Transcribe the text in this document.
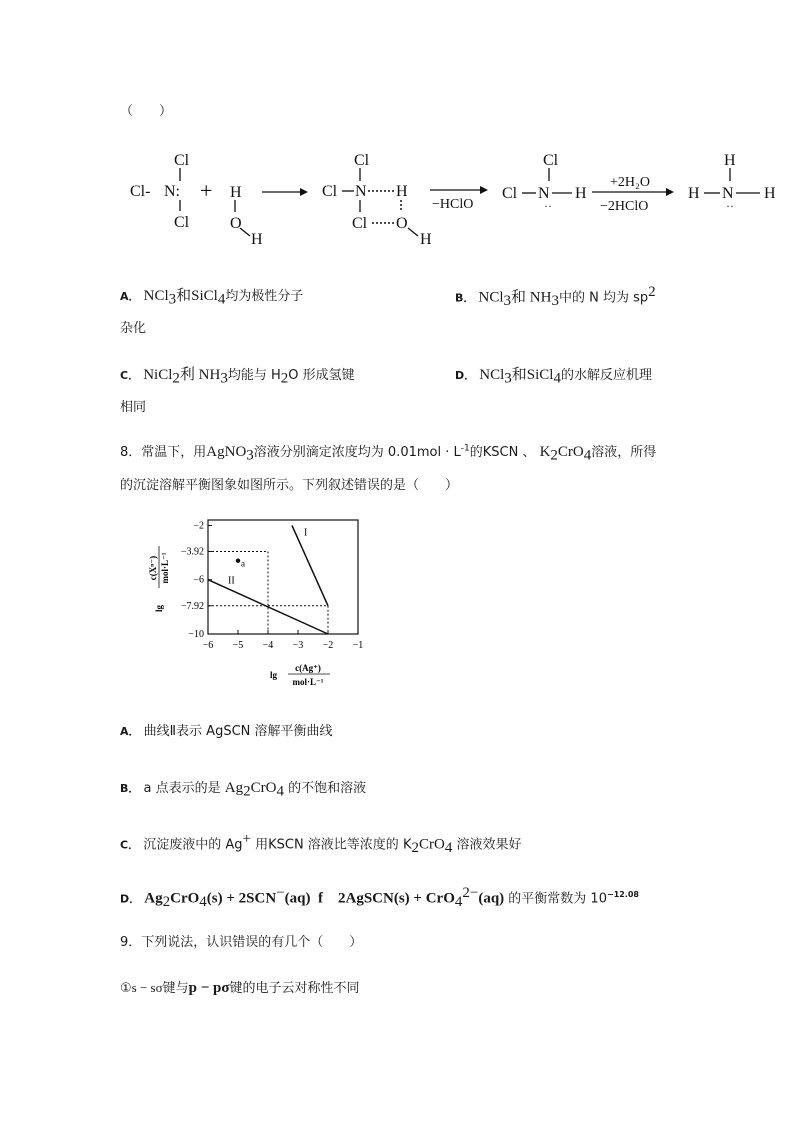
（　　）
Cl
Cl- N:
Cl
+ H
O
H
Cl
Cl N H
Cl O
H
−HClO
Cl
Cl N
··
H
+2H₂O
−2HClO
H
H N
··
H
A． NCl$_3$和SiCl$_4$均为极性分子	B． NCl$_3$和 $NH_3$中的 N 均为 $sp^2$
杂化
C． NiCl$_2$利 $NH_3$均能与 $H_2O$ 形成氢键	D． NCl$_3$和SiCl$_4$的水解反应机理
相同
8．常温下，用AgNO$_3$溶液分别滴定浓度均为 $0.01mol \cdot L^{-1}$的KSCN 、 $K_2CrO_4$溶液，所得
的沉淀溶解平衡图象如图所示。下列叙述错误的是（　　）
I
II
a
−2
−3.92
−6
−7.92
−10
−6 −5 −4 −3 −2 −1
lg
c(Xⁿ⁻) mol·L⁻¹
lg
c(Ag⁺)
mol·L⁻¹
A． 曲线Ⅱ表示 AgSCN 溶解平衡曲线
B． a 点表示的是 $Ag_2CrO_4$ 的不饱和溶液
C． 沉淀废液中的 Ag+ 用KSCN 溶液比等浓度的 $K_2CrO_4$ 溶液效果好
D． $Ag_2CrO_4(s) + 2SCN^-(aq)$  f    2AgSCN(s) + CrO$_4^{2-}$(aq) 的平衡常数为 $10^{-12.08}$
9．下列说法，认识错误的有几个（　　）
①s − sσ键与p − pσ键的电子云对称性不同
